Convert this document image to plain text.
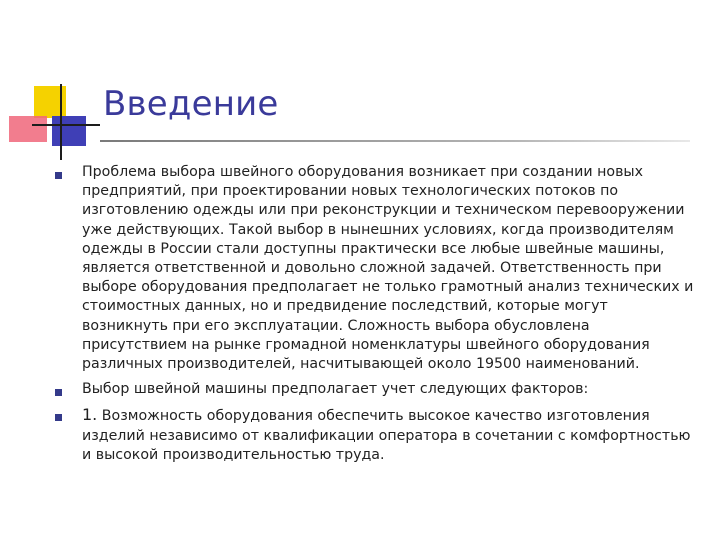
Введение
Проблема выбора швейного оборудования возникает при создании новых предприятий, при проектировании новых технологических потоков по изготовлению одежды или при реконструкции и техническом перевооружении уже действующих. Такой выбор в нынешних условиях, когда производителям одежды в России стали доступны практически все любые швейные машины, является ответственной и довольно сложной задачей. Ответственность при выборе оборудования предполагает не только грамотный анализ технических и стоимостных данных, но и предвидение последствий, которые могут возникнуть при его эксплуатации. Сложность выбора обусловлена присутствием на рынке громадной номенклатуры швейного оборудования различных производителей, насчитывающей около 19500 наименований.
Выбор швейной машины предполагает учет следующих факторов:
1. Возможность оборудования обеспечить высокое качество изготовления изделий независимо от квалификации оператора в сочетании с комфортностью и высокой производительностью труда.
